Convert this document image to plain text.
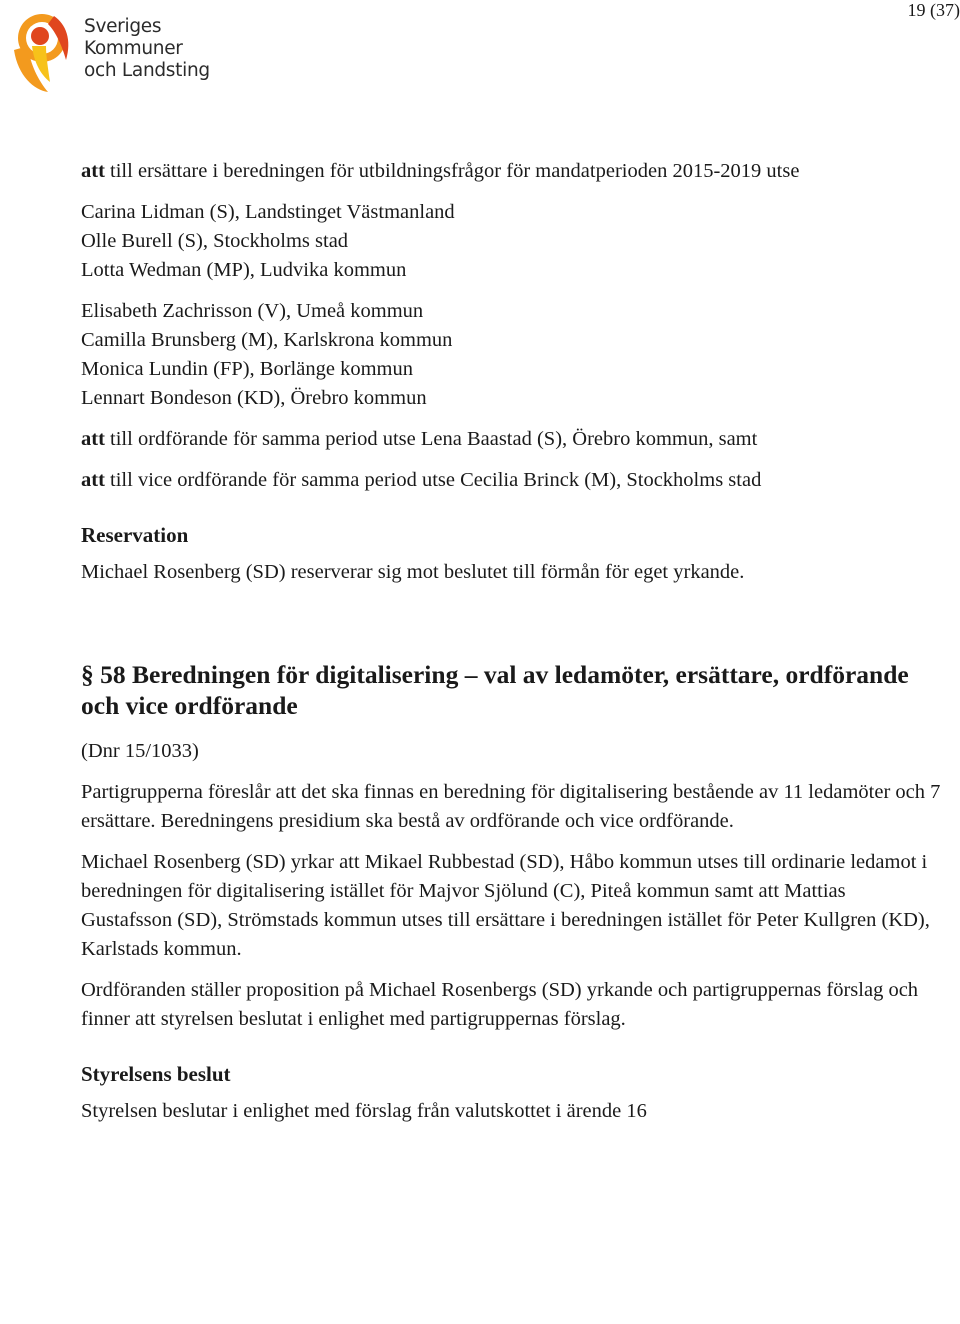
Sveriges
Kommuner
och Landsting
19 (37)

att till ersättare i beredningen för utbildningsfrågor för mandatperioden 2015-2019 utse

Carina Lidman (S), Landstinget Västmanland
Olle Burell (S), Stockholms stad
Lotta Wedman (MP), Ludvika kommun
Elisabeth Zachrisson (V), Umeå kommun
Camilla Brunsberg (M), Karlskrona kommun
Monica Lundin (FP), Borlänge kommun
Lennart Bondeson (KD), Örebro kommun

att till ordförande för samma period utse Lena Baastad (S), Örebro kommun, samt

att till vice ordförande för samma period utse Cecilia Brinck (M), Stockholms stad

Reservation

Michael Rosenberg (SD) reserverar sig mot beslutet till förmån för eget yrkande.

§ 58 Beredningen för digitalisering – val av ledamöter, ersättare, ordförande och vice ordförande

(Dnr 15/1033)

Partigrupperna föreslår att det ska finnas en beredning för digitalisering bestående av 11 ledamöter och 7 ersättare. Beredningens presidium ska bestå av ordförande och vice ordförande.

Michael Rosenberg (SD) yrkar att Mikael Rubbestad (SD), Håbo kommun utses till ordinarie ledamot i beredningen för digitalisering istället för Majvor Sjölund (C), Piteå kommun samt att Mattias Gustafsson (SD), Strömstads kommun utses till ersättare i beredningen istället för Peter Kullgren (KD), Karlstads kommun.

Ordföranden ställer proposition på Michael Rosenbergs (SD) yrkande och partigruppernas förslag och finner att styrelsen beslutat i enlighet med partigruppernas förslag.

Styrelsens beslut

Styrelsen beslutar i enlighet med förslag från valutskottet i ärende 16
